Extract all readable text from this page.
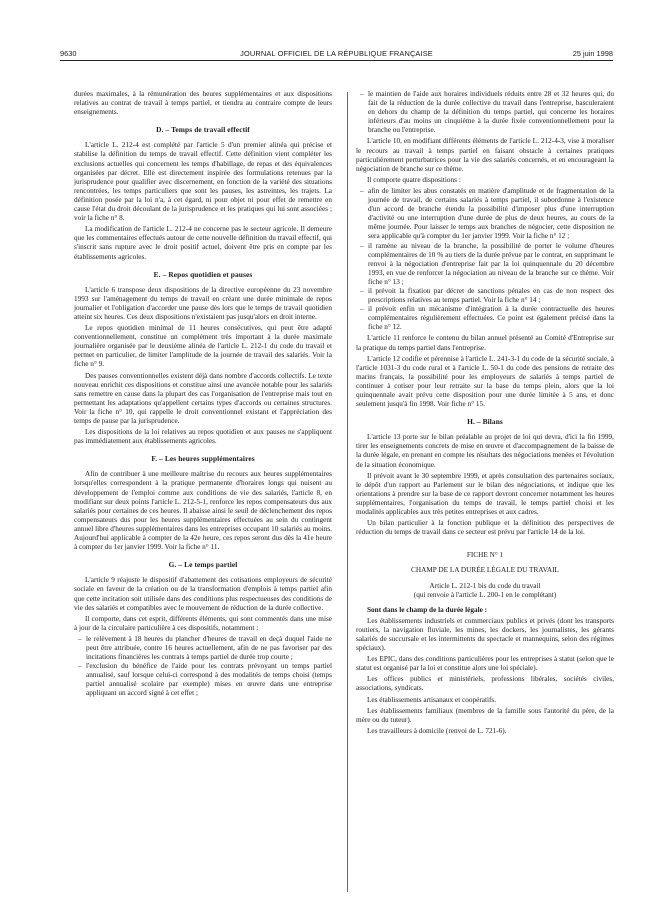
9630	JOURNAL OFFICIEL DE LA RÉPUBLIQUE FRANÇAISE	25 juin 1998

durées maximales, à la rémunération des heures supplémentaires et aux dispositions relatives au contrat de travail à temps partiel, et tiendra au contraire compte de leurs enseignements.

D. – Temps de travail effectif

L'article L. 212-4 est complété par l'article 5 d'un premier alinéa qui précise et stabilise la définition du temps de travail effectif. Cette définition vient compléter les exclusions actuelles qui concernent les temps d'habillage, de repas et des équivalences organisées par décret. Elle est directement inspirée des formulations retenues par la jurisprudence pour qualifier avec discernement, en fonction de la variété des situations rencontrées, les temps particuliers que sont les pauses, les astreintes, les trajets. La définition posée par la loi n'a, à cet égard, ni pour objet ni pour effet de remettre en cause l'état du droit découlant de la jurisprudence et les pratiques qui lui sont associées ; voir la fiche n° 8.

La modification de l'article L. 212-4 ne concerne pas le secteur agricole. Il demeure que les commentaires effectués autour de cette nouvelle définition du travail effectif, qui s'inscrit sans rupture avec le droit positif actuel, doivent être pris en compte par les établissements agricoles.

E. – Repos quotidien et pauses

L'article 6 transpose deux dispositions de la directive européenne du 23 novembre 1993 sur l'aménagement du temps de travail en créant une durée minimale de repos journalier et l'obligation d'accorder une pause dès lors que le temps de travail quotidien atteint six heures. Ces deux dispositions n'existaient pas jusqu'alors en droit interne.

Le repos quotidien minimal de 11 heures consécutives, qui peut être adapté conventionnellement, constitue un complément très important à la durée maximale journalière organisée par le deuxième alinéa de l'article L. 212-1 du code du travail et permet en particulier, de limiter l'amplitude de la journée de travail des salariés. Voir la fiche n° 9.

Des pauses conventionnelles existent déjà dans nombre d'accords collectifs. Le texte nouveau enrichit ces dispositions et constitue ainsi une avancée notable pour les salariés sans remettre en cause dans la plupart des cas l'organisation de l'entreprise mais tout en permettant les adaptations qu'appellent certains types d'accords ou certaines structures. Voir la fiche n° 10, qui rappelle le droit conventionnel existant et l'appréciation des temps de pause par la jurisprudence.

Les dispositions de la loi relatives au repos quotidien et aux pauses ne s'appliquent pas immédiatement aux établissements agricoles.

F. – Les heures supplémentaires

Afin de contribuer à une meilleure maîtrise du recours aux heures supplémentaires lorsqu'elles correspondent à la pratique permanente d'horaires longs qui nuisent au développement de l'emploi comme aux conditions de vie des salariés, l'article 8, en modifiant sur deux points l'article L. 212-5-1, renforce les repos compensateurs dus aux salariés pour certaines de ces heures. Il abaisse ainsi le seuil de déclenchement des repos compensateurs dus pour les heures supplémentaires effectuées au sein du contingent annuel libre d'heures supplémentaires dans les entreprises occupant 10 salariés au moins. Aujourd'hui applicable à compter de la 42e heure, ces repos seront dus dès la 41e heure à compter du 1er janvier 1999. Voir la fiche n° 11.

G. – Le temps partiel

L'article 9 réajuste le dispositif d'abattement des cotisations employeurs de sécurité sociale en faveur de la création ou de la transformation d'emplois à temps partiel afin que cette incitation soit utilisée dans des conditions plus respectueuses des conditions de vie des salariés et compatibles avec le mouvement de réduction de la durée collective.

Il comporte, dans cet esprit, différents éléments, qui sont commentés dans une mise à jour de la circulaire particulière à ces dispositifs, notamment :

– le relèvement à 18 heures du plancher d'heures de travail en deçà duquel l'aide ne peut être attribuée, contre 16 heures actuellement, afin de ne pas favoriser par des incitations financières les contrats à temps partiel de durée trop courte ;
– l'exclusion du bénéfice de l'aide pour les contrats prévoyant un temps partiel annualisé, sauf lorsque celui-ci correspond à des modalités de temps choisi (temps partiel annualisé scolaire par exemple) mises en œuvre dans une entreprise appliquant un accord signé à cet effet ;
– le maintien de l'aide aux horaires individuels réduits entre 28 et 32 heures qui, du fait de la réduction de la durée collective du travail dans l'entreprise, basculeraient en dehors du champ de la définition du temps partiel, qui concerne les horaires inférieurs d'au moins un cinquième à la durée fixée conventionnellement pour la branche ou l'entreprise.

L'article 10, en modifiant différents éléments de l'article L. 212-4-3, vise à moraliser le recours au travail à temps partiel en faisant obstacle à certaines pratiques particulièrement perturbatrices pour la vie des salariés concernés, et en encourageant la négociation de branche sur ce thème.

Il comporte quatre dispositions :

– afin de limiter les abus constatés en matière d'amplitude et de fragmentation de la journée de travail, de certains salariés à temps partiel, il subordonne à l'existence d'un accord de branche étendu la possibilité d'imposer plus d'une interruption d'activité ou une interruption d'une durée de plus de deux heures, au cours de la même journée. Pour laisser le temps aux branches de négocier, cette disposition ne sera applicable qu'à compter du 1er janvier 1999. Voir la fiche n° 12 ;
– il ramène au niveau de la branche, la possibilité de porter le volume d'heures complémentaires de 10 % au tiers de la durée prévue par le contrat, en supprimant le renvoi à la négociation d'entreprise fait par la loi quinquennale du 20 décembre 1993, en vue de renforcer la négociation au niveau de la branche sur ce thème. Voir fiche n° 13 ;
– il prévoit la fixation par décret de sanctions pénales en cas de non respect des prescriptions relatives au temps partiel. Voir la fiche n° 14 ;
– il prévoit enfin un mécanisme d'intégration à la durée contractuelle des heures complémentaires régulièrement effectuées. Ce point est également précisé dans la fiche n° 12.

L'article 11 renforce le contenu du bilan annuel présenté au Comité d'Entreprise sur la pratique du temps partiel dans l'entreprise.

L'article 12 codifie et pérennise à l'article L. 241-3-1 du code de la sécurité sociale, à l'article 1031-3 du code rural et à l'article L. 50-1 du code des pensions de retraite des marins français, la possibilité pour les employeurs de salariés à temps partiel de continuer à cotiser pour leur retraite sur la base du temps plein, alors que la loi quinquennale avait prévu cette disposition pour une durée limitée à 5 ans, et donc seulement jusqu'à fin 1998. Voir fiche n° 15.

H. – Bilans

L'article 13 porte sur le bilan préalable au projet de loi qui devra, d'ici la fin 1999, tirer les enseignements concrets de mise en œuvre et d'accompagnement de la baisse de la durée légale, en prenant en compte les résultats des négociations menées et l'évolution de la situation économique.

Il prévoit avant le 30 septembre 1999, et après consultation des partenaires sociaux, le dépôt d'un rapport au Parlement sur le bilan des négociations, et indique que les orientations à prendre sur la base de ce rapport devront concerner notamment les heures supplémentaires, l'organisation du temps de travail, le temps partiel choisi et les modalités applicables aux très petites entreprises et aux cadres.

Un bilan particulier à la fonction publique et la définition des perspectives de réduction du temps de travail dans ce secteur est prévu par l'article 14 de la loi.

FICHE N° 1

CHAMP DE LA DURÉE LÉGALE DU TRAVAIL

Article L. 212-1 bis du code du travail

(qui renvoie à l'article L. 200-1 en le complétant)

Sont dans le champ de la durée légale :

Les établissements industriels et commerciaux publics et privés (dont les transports routiers, la navigation fluviale, les mines, les dockers, les journalistes, les gérants salariés de succursale et les intermittents du spectacle et mannequins, selon des régimes spéciaux).

Les EPIC, dans des conditions particulières pour les entreprises à statut (selon que le statut est organisé par la loi et constitue alors une loi spéciale).

Les offices publics et ministériels, professions libérales, sociétés civiles, associations, syndicats.

Les établissements artisanaux et coopératifs.

Les établissements familiaux (membres de la famille sous l'autorité du père, de la mère ou du tuteur).

Les travailleurs à domicile (renvoi de L. 721-6).
